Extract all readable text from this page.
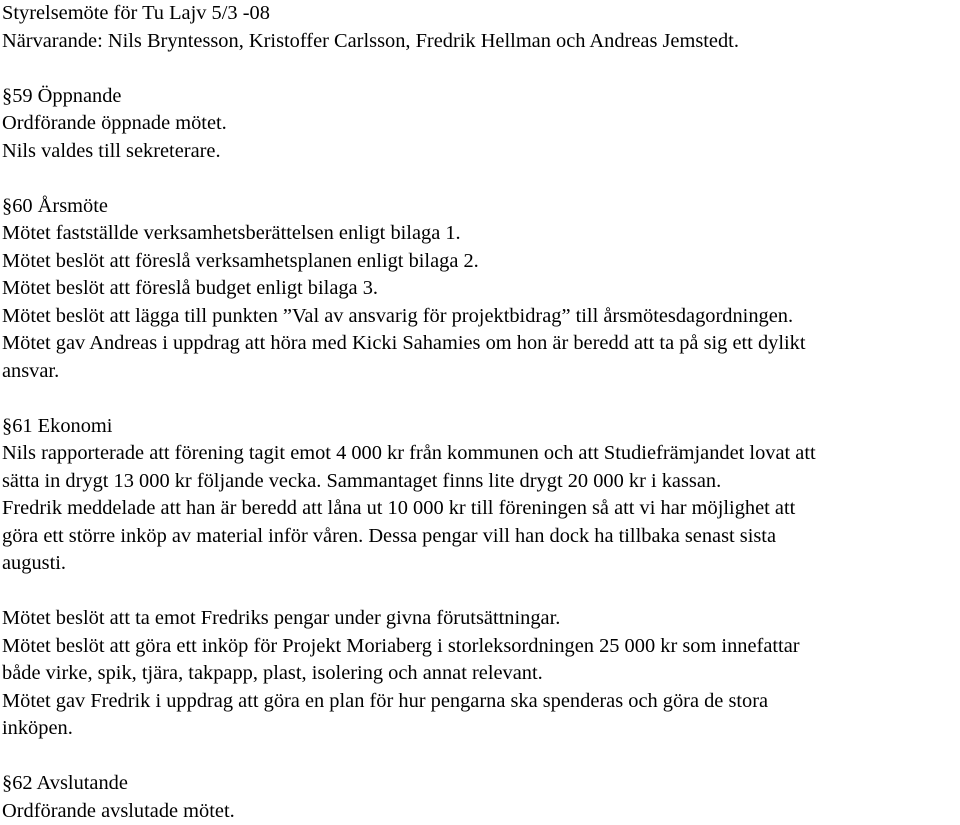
Styrelsemöte för Tu Lajv 5/3 -08
Närvarande: Nils Bryntesson, Kristoffer Carlsson, Fredrik Hellman och Andreas Jemstedt.
§59 Öppnande
Ordförande öppnade mötet.
Nils valdes till sekreterare.
§60 Årsmöte
Mötet fastställde verksamhetsberättelsen enligt bilaga 1.
Mötet beslöt att föreslå verksamhetsplanen enligt bilaga 2.
Mötet beslöt att föreslå budget enligt bilaga 3.
Mötet beslöt att lägga till punkten ”Val av ansvarig för projektbidrag” till årsmötesdagordningen.
Mötet gav Andreas i uppdrag att höra med Kicki Sahamies om hon är beredd att ta på sig ett dylikt
ansvar.
§61 Ekonomi
Nils rapporterade att förening tagit emot 4 000 kr från kommunen och att Studiefrämjandet lovat att
sätta in drygt 13 000 kr följande vecka. Sammantaget finns lite drygt 20 000 kr i kassan.
Fredrik meddelade att han är beredd att låna ut 10 000 kr till föreningen så att vi har möjlighet att
göra ett större inköp av material inför våren. Dessa pengar vill han dock ha tillbaka senast sista
augusti.
Mötet beslöt att ta emot Fredriks pengar under givna förutsättningar.
Mötet beslöt att göra ett inköp för Projekt Moriaberg i storleksordningen 25 000 kr som innefattar
både virke, spik, tjära, takpapp, plast, isolering och annat relevant.
Mötet gav Fredrik i uppdrag att göra en plan för hur pengarna ska spenderas och göra de stora
inköpen.
§62 Avslutande
Ordförande avslutade mötet.
